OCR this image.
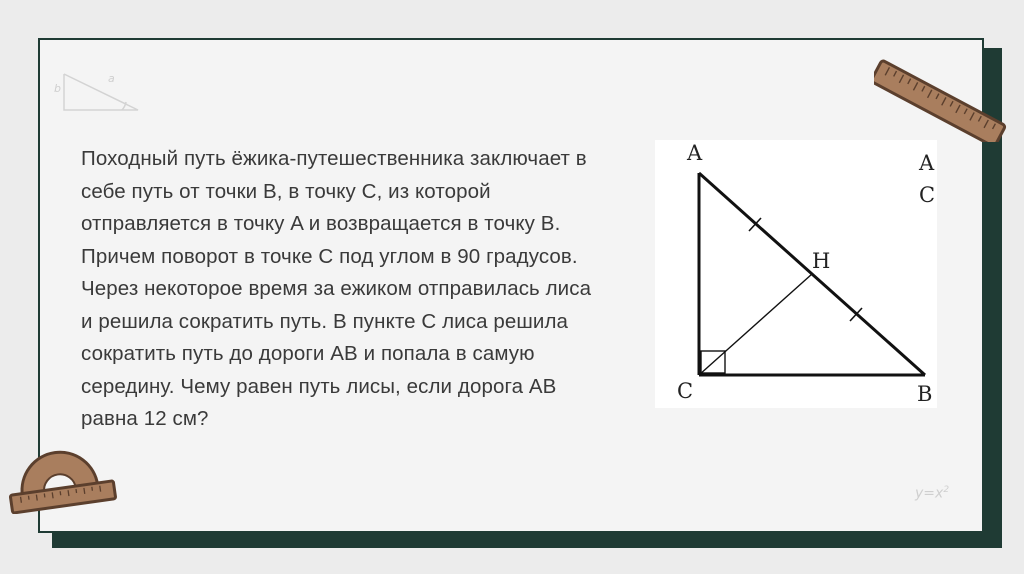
b
a

Походный путь ёжика-путешественника заключает в себе путь от точки B, в точку C, из которой отправляется в точку A и возвращается в точку B. Причем поворот в точке C под углом в 90 градусов. Через некоторое время за ежиком отправилась лиса и решила сократить путь. В пункте C лиса решила сократить путь до дороги AB и попала в самую середину. Чему равен путь лисы, если дорога AB равна 12 см?

A
C	B
H
A
C
$y=x^2$
